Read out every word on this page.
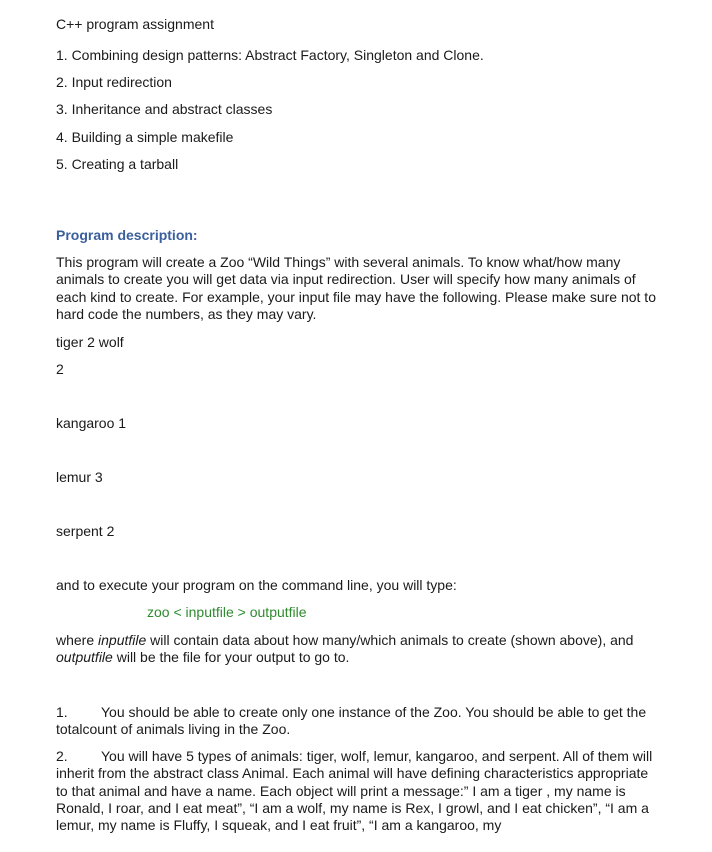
C++ program assignment

1. Combining design patterns: Abstract Factory, Singleton and Clone.

2. Input redirection

3. Inheritance and abstract classes

4. Building a simple makefile

5. Creating a tarball

Program description:

This program will create a Zoo “Wild Things” with several animals. To know what/how many animals to create you will get data via input redirection. User will specify how many animals of each kind to create. For example, your input file may have the following. Please make sure not to hard code the numbers, as they may vary.

tiger 2 wolf

2

kangaroo 1

lemur 3

serpent 2

and to execute your program on the command line, you will type:

zoo < inputfile > outputfile

where inputfile will contain data about how many/which animals to create (shown above), and
outputfile will be the file for your output to go to.

1. You should be able to create only one instance of the Zoo. You should be able to get the totalcount of animals living in the Zoo.

2. You will have 5 types of animals: tiger, wolf, lemur, kangaroo, and serpent. All of them will inherit from the abstract class Animal. Each animal will have defining characteristics appropriate to that animal and have a name. Each object will print a message:” I am a tiger , my name is Ronald, I roar, and I eat meat”, “I am a wolf, my name is Rex, I growl, and I eat chicken”, “I am a lemur, my name is Fluffy, I squeak, and I eat fruit”, “I am a kangaroo, my
